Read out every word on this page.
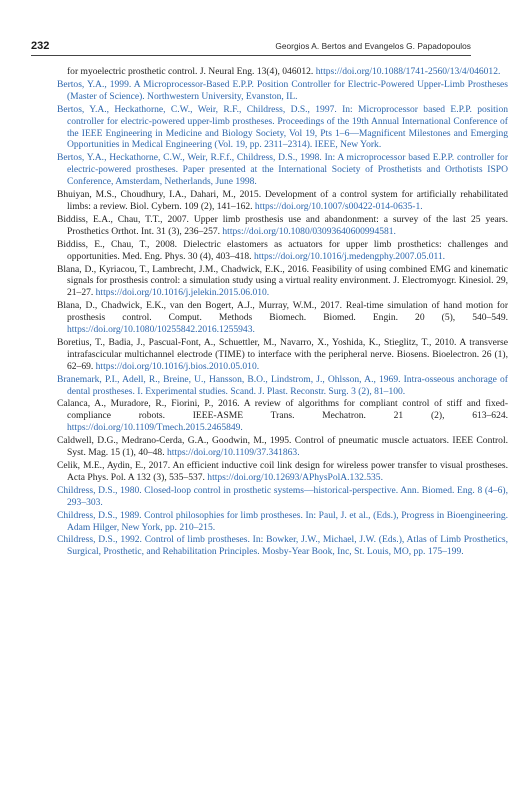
232	Georgios A. Bertos and Evangelos G. Papadopoulos
for myoelectric prosthetic control. J. Neural Eng. 13(4), 046012. https://doi.org/10.1088/1741-2560/13/4/046012.
Bertos, Y.A., 1999. A Microprocessor-Based E.P.P. Position Controller for Electric-Powered Upper-Limb Prostheses (Master of Science). Northwestern University, Evanston, IL.
Bertos, Y.A., Heckathorne, C.W., Weir, R.F., Childress, D.S., 1997. In: Microprocessor based E.P.P. position controller for electric-powered upper-limb prostheses. Proceedings of the 19th Annual International Conference of the IEEE Engineering in Medicine and Biology Society, Vol 19, Pts 1–6—Magnificent Milestones and Emerging Opportunities in Medical Engineering (Vol. 19, pp. 2311–2314). IEEE, New York.
Bertos, Y.A., Heckathorne, C.W., Weir, R.F.f., Childress, D.S., 1998. In: A microprocessor based E.P.P. controller for electric-powered prostheses. Paper presented at the International Society of Prosthetists and Orthotists ISPO Conference, Amsterdam, Netherlands, June 1998.
Bhuiyan, M.S., Choudhury, I.A., Dahari, M., 2015. Development of a control system for artificially rehabilitated limbs: a review. Biol. Cybern. 109 (2), 141–162. https://doi.org/10.1007/s00422-014-0635-1.
Biddiss, E.A., Chau, T.T., 2007. Upper limb prosthesis use and abandonment: a survey of the last 25 years. Prosthetics Orthot. Int. 31 (3), 236–257. https://doi.org/10.1080/03093640600994581.
Biddiss, E., Chau, T., 2008. Dielectric elastomers as actuators for upper limb prosthetics: challenges and opportunities. Med. Eng. Phys. 30 (4), 403–418. https://doi.org/10.1016/j.medengphy.2007.05.011.
Blana, D., Kyriacou, T., Lambrecht, J.M., Chadwick, E.K., 2016. Feasibility of using combined EMG and kinematic signals for prosthesis control: a simulation study using a virtual reality environment. J. Electromyogr. Kinesiol. 29, 21–27. https://doi.org/10.1016/j.jelekin.2015.06.010.
Blana, D., Chadwick, E.K., van den Bogert, A.J., Murray, W.M., 2017. Real-time simulation of hand motion for prosthesis control. Comput. Methods Biomech. Biomed. Engin. 20 (5), 540–549. https://doi.org/10.1080/10255842.2016.1255943.
Boretius, T., Badia, J., Pascual-Font, A., Schuettler, M., Navarro, X., Yoshida, K., Stieglitz, T., 2010. A transverse intrafascicular multichannel electrode (TIME) to interface with the peripheral nerve. Biosens. Bioelectron. 26 (1), 62–69. https://doi.org/10.1016/j.bios.2010.05.010.
Branemark, P.I., Adell, R., Breine, U., Hansson, B.O., Lindstrom, J., Ohlsson, A., 1969. Intra-osseous anchorage of dental prostheses. I. Experimental studies. Scand. J. Plast. Reconstr. Surg. 3 (2), 81–100.
Calanca, A., Muradore, R., Fiorini, P., 2016. A review of algorithms for compliant control of stiff and fixed-compliance robots. IEEE-ASME Trans. Mechatron. 21 (2), 613–624. https://doi.org/10.1109/Tmech.2015.2465849.
Caldwell, D.G., Medrano-Cerda, G.A., Goodwin, M., 1995. Control of pneumatic muscle actuators. IEEE Control. Syst. Mag. 15 (1), 40–48. https://doi.org/10.1109/37.341863.
Celik, M.E., Aydin, E., 2017. An efficient inductive coil link design for wireless power transfer to visual prostheses. Acta Phys. Pol. A 132 (3), 535–537. https://doi.org/10.12693/APhysPolA.132.535.
Childress, D.S., 1980. Closed-loop control in prosthetic systems—historical-perspective. Ann. Biomed. Eng. 8 (4–6), 293–303.
Childress, D.S., 1989. Control philosophies for limb prostheses. In: Paul, J. et al., (Eds.), Progress in Bioengineering. Adam Hilger, New York, pp. 210–215.
Childress, D.S., 1992. Control of limb prostheses. In: Bowker, J.W., Michael, J.W. (Eds.), Atlas of Limb Prosthetics, Surgical, Prosthetic, and Rehabilitation Principles. Mosby-Year Book, Inc, St. Louis, MO, pp. 175–199.
